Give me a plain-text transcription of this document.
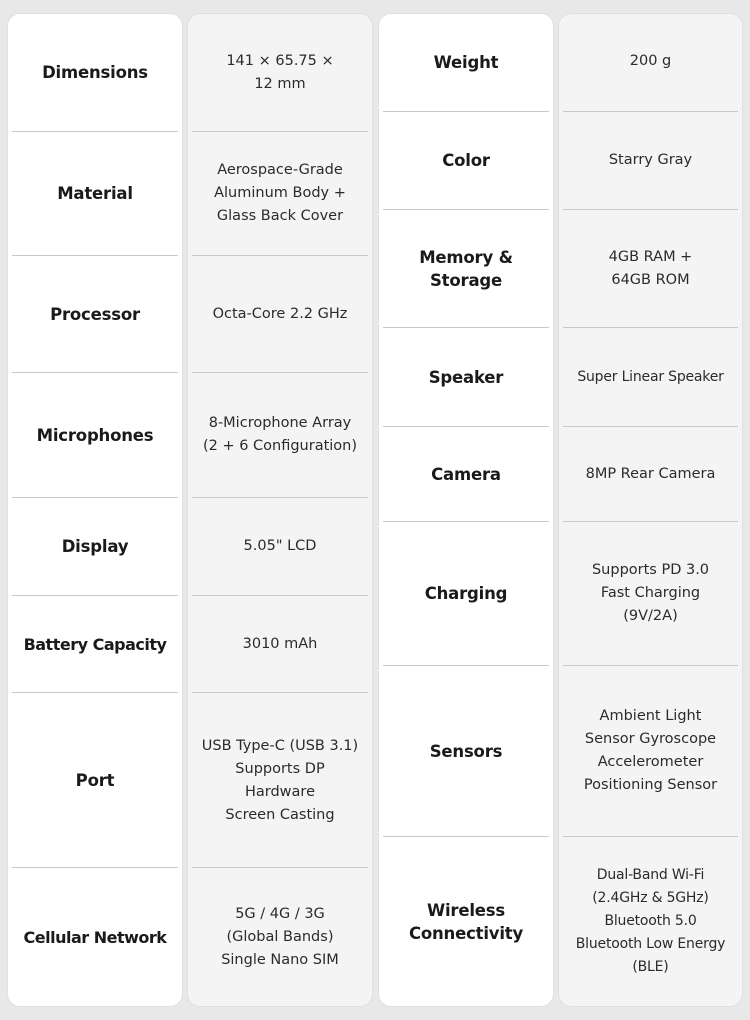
Dimensions
Material
Processor
Microphones
Display
Battery Capacity
Port
Cellular Network
141 × 65.75 ×
12 mm
Aerospace-Grade
Aluminum Body +
Glass Back Cover
Octa-Core 2.2 GHz
8-Microphone Array
(2 + 6 Configuration)
5.05" LCD
3010 mAh
USB Type-C (USB 3.1)
Supports DP
Hardware
Screen Casting
5G / 4G / 3G
(Global Bands)
Single Nano SIM
Weight
Color
Memory &
Storage
Speaker
Camera
Charging
Sensors
Wireless
Connectivity
200 g
Starry Gray
4GB RAM +
64GB ROM
Super Linear Speaker
8MP Rear Camera
Supports PD 3.0
Fast Charging
(9V/2A)
Ambient Light
Sensor Gyroscope
Accelerometer
Positioning Sensor
Dual-Band Wi-Fi
(2.4GHz & 5GHz)
Bluetooth 5.0
Bluetooth Low Energy
(BLE)
